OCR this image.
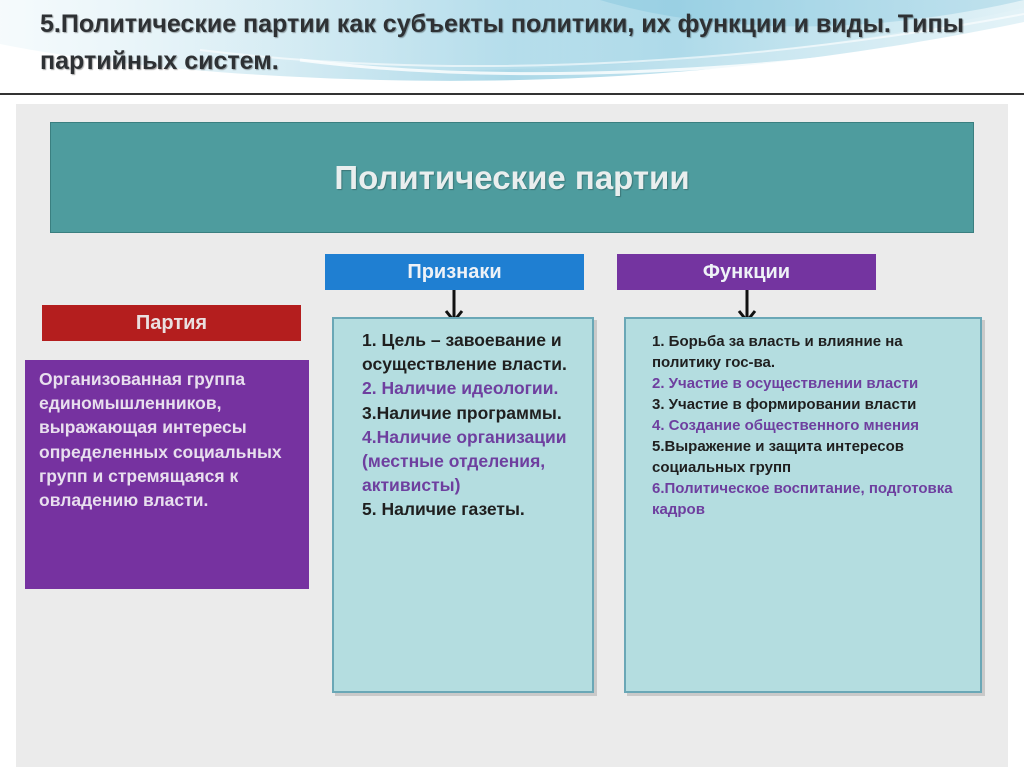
5.Политические партии как субъекты политики, их функции и виды. Типы партийных систем.
Политические партии
Признаки	Функции
Партия

Организованная группа единомышленников, выражающая интересы определенных социальных групп и стремящаяся к овладению власти.

1. Цель – завоевание и осуществление власти.
2. Наличие идеологии.
3.Наличие программы.
4.Наличие организации (местные отделения, активисты)
5. Наличие газеты.
1. Борьба за власть и влияние на политику гос-ва.
2. Участие в осуществлении власти
3. Участие в формировании власти
4. Создание общественного мнения
5.Выражение и защита интересов социальных групп
6.Политическое воспитание, подготовка кадров
